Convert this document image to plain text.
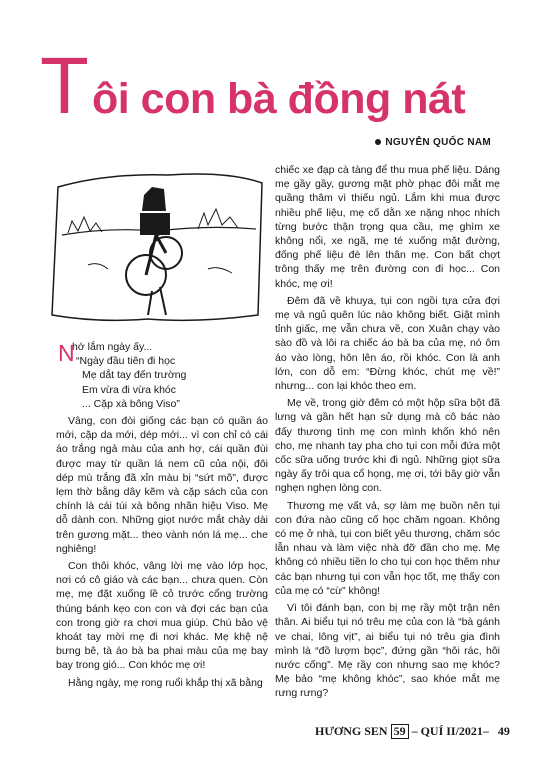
T ôi con bà đồng nát
NGUYỄN QUỐC NAM
N
hớ lắm ngày ấy...
“Ngày đầu tiên đi học
Mẹ dắt tay đến trường
Em vừa đi vừa khóc
... Cặp xà bông Viso”

Vâng, con đòi giống các bạn có quần áo mới, cặp da mới, dép mới... vì con chỉ có cái áo trắng ngả màu của anh hợ, cái quần đùi được may từ quần lá nem cũ của nội, đôi dép mù trắng đã xỉn màu bị “sứt mõ”, được lẹm thờ bằng dây kẽm và cặp sách của con chính là cái túi xà bông nhãn hiệu Viso. Mẹ dỗ dành con. Những giọt nước mắt chảy dài trên gương mặt... theo vành nón lá mẹ... che nghiêng!

Con thôi khóc, vâng lời mẹ vào lớp học, nơi có cô giáo và các bạn... chưa quen. Còn mẹ, mẹ đặt xuống lề cỏ trước cổng trường thúng bánh kẹo con con và đợi các bạn của con trong giờ ra chơi mua giúp. Chú bảo vệ khoát tay mời mẹ đi nơi khác. Mẹ khệ nệ bưng bê, tà áo bà ba phai màu của mẹ bay bay trong gió... Con khóc mẹ ơi!

Hằng ngày, mẹ rong ruổi khắp thị xã bằng

chiếc xe đạp cà tàng để thu mua phế liệu. Dáng mẹ gầy gầy, gương mặt phờ phạc đôi mắt mẹ quầng thâm vì thiếu ngủ. Lắm khi mua được nhiều phế liệu, mẹ cố dằn xe nặng nhọc nhích từng bước thận trọng qua cầu, mẹ ghìm xe không nổi, xe ngã, mẹ té xuống mặt đường, đống phế liệu đè lên thân mẹ. Con bất chợt trông thấy mẹ trên đường con đi học... Con khóc, mẹ ơi!

Đêm đã về khuya, tụi con ngồi tựa cửa đợi mẹ và ngủ quên lúc nào không biết. Giật mình tỉnh giấc, mẹ vẫn chưa về, con Xuân chạy vào sào đồ và lôi ra chiếc áo bà ba của mẹ, nó ôm áo vào lòng, hôn lên áo, rồi khóc. Con là anh lớn, con dỗ em: “Đừng khóc, chút mẹ về!” nhưng... con lại khóc theo em.

Mẹ về, trong giờ đêm có một hộp sữa bột đã lưng và gần hết hạn sử dụng mà cô bác nào đấy thương tình mẹ con mình khốn khó nên cho, mẹ nhanh tay pha cho tụi con mỗi đứa một cốc sữa uống trước khi đi ngủ. Những giọt sữa ngày ấy trôi qua cổ họng, mẹ ơi, tới bây giờ vẫn nghẹn nghẹn lòng con.

Thương mẹ vất vả, sợ làm mẹ buồn nên tụi con đứa nào cũng cố học chăm ngoan. Không có mẹ ở nhà, tụi con biết yêu thương, chăm sóc lẫn nhau và làm việc nhà đỡ đần cho mẹ. Mẹ không có nhiều tiền lo cho tụi con học thêm như các bạn nhưng tụi con vẫn học tốt, mẹ thấy con của mẹ có “cừ” không!

Vì tôi đánh bạn, con bị mẹ rầy một trận nên thân. Ai biểu tụi nó trêu mẹ của con là “bà gánh ve chai, lông vịt”, ai biểu tụi nó trêu gia đình mình là “đồ lượm bọc”, đứng gần “hôi rác, hôi nước cống”. Mẹ rầy con nhưng sao mẹ khóc? Mẹ bảo “mẹ không khóc”, sao khóe mắt mẹ rưng rưng?

HƯƠNG SEN 59 – QUÍ II/2021– 49
